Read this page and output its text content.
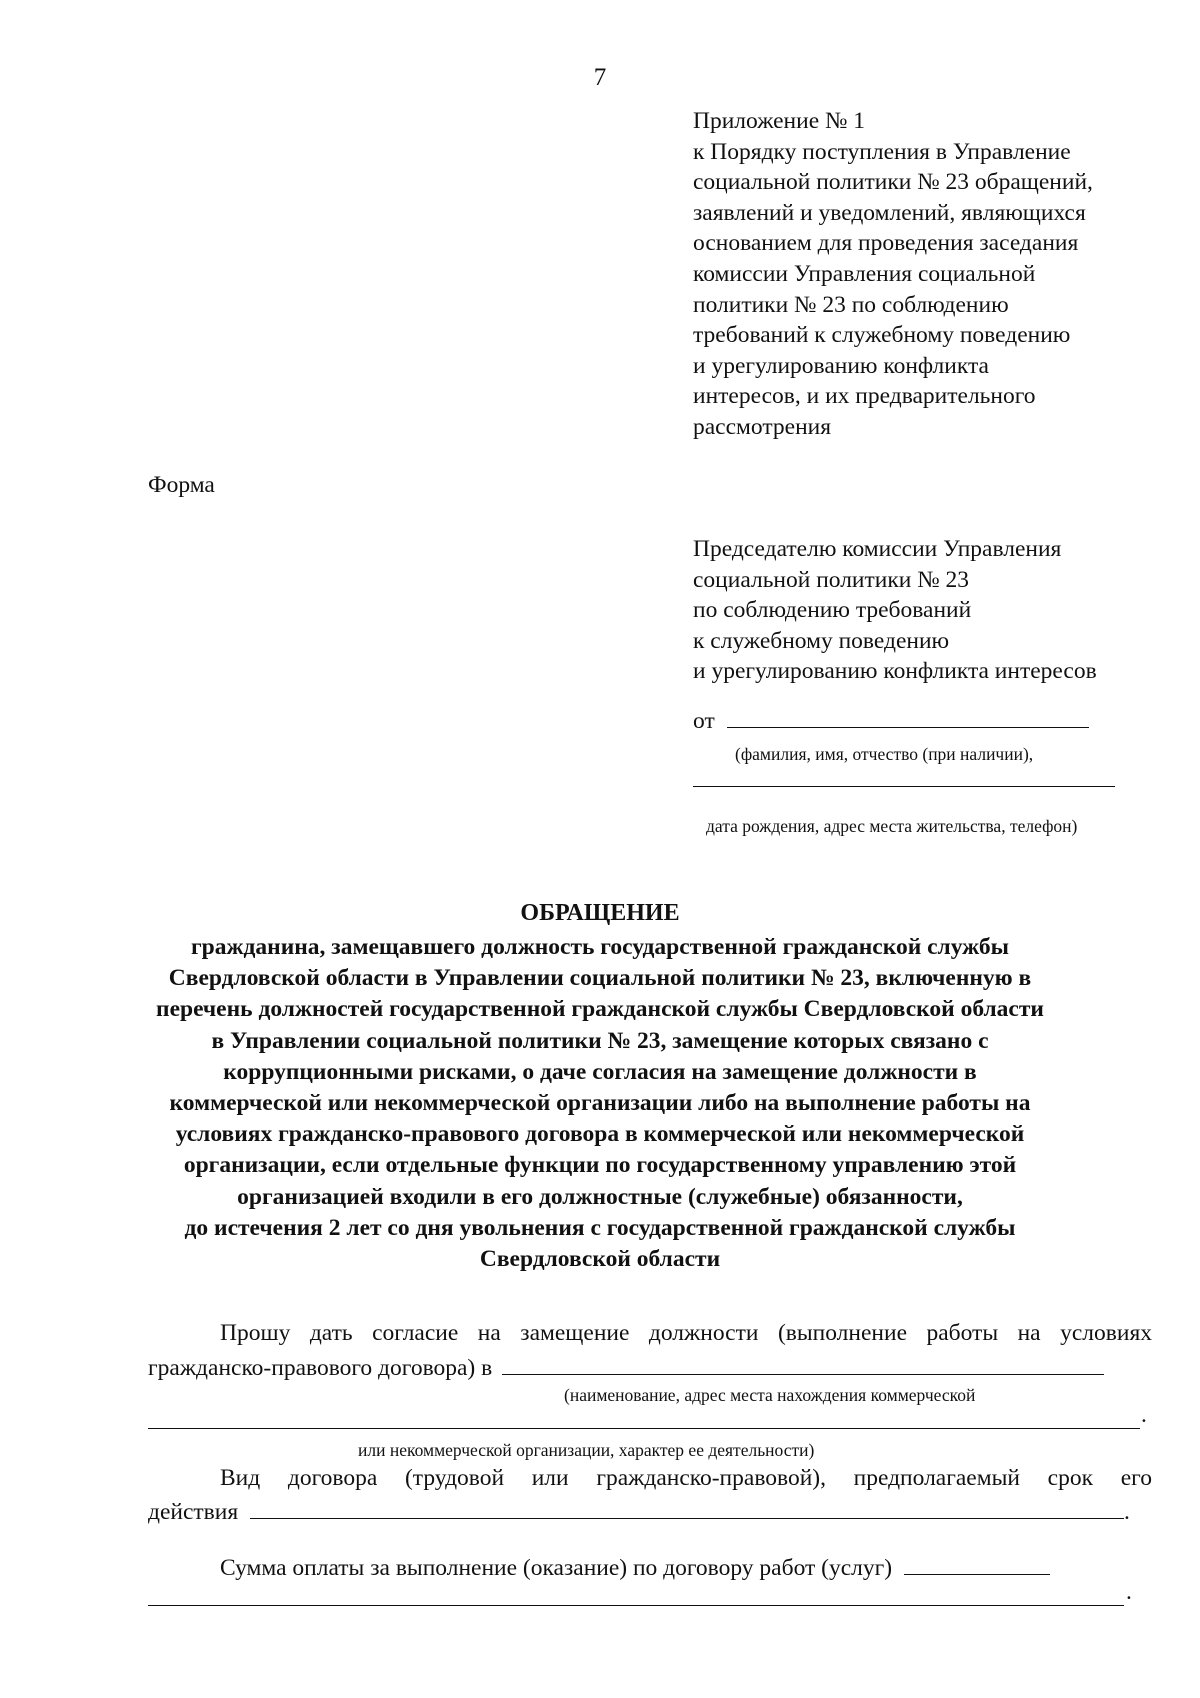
7
Приложение № 1
к Порядку поступления в Управление
социальной политики № 23 обращений,
заявлений и уведомлений, являющихся
основанием для проведения заседания
комиссии Управления социальной
политики № 23 по соблюдению
требований к служебному поведению
и урегулированию конфликта
интересов, и их предварительного
рассмотрения
Форма
Председателю комиссии Управления
социальной политики № 23
по соблюдению требований
к служебному поведению
и урегулированию конфликта интересов
от
(фамилия, имя, отчество (при наличии),
дата рождения, адрес места жительства, телефон)
ОБРАЩЕНИЕ
гражданина, замещавшего должность государственной гражданской службы
Свердловской области в Управлении социальной политики № 23, включенную в
перечень должностей государственной гражданской службы Свердловской области
в Управлении социальной политики № 23, замещение которых связано с
коррупционными рисками, о даче согласия на замещение должности в
коммерческой или некоммерческой организации либо на выполнение работы на
условиях гражданско-правового договора в коммерческой или некоммерческой
организации, если отдельные функции по государственному управлению этой
организацией входили в его должностные (служебные) обязанности,
до истечения 2 лет со дня увольнения с государственной гражданской службы
Свердловской области
Прошу дать согласие на замещение должности (выполнение работы на условиях
гражданско-правового договора) в
(наименование, адрес места нахождения коммерческой
.
или некоммерческой организации, характер ее деятельности)
Вид договора (трудовой или гражданско-правовой), предполагаемый срок его
действия	.
Сумма оплаты за выполнение (оказание) по договору работ (услуг)
.
